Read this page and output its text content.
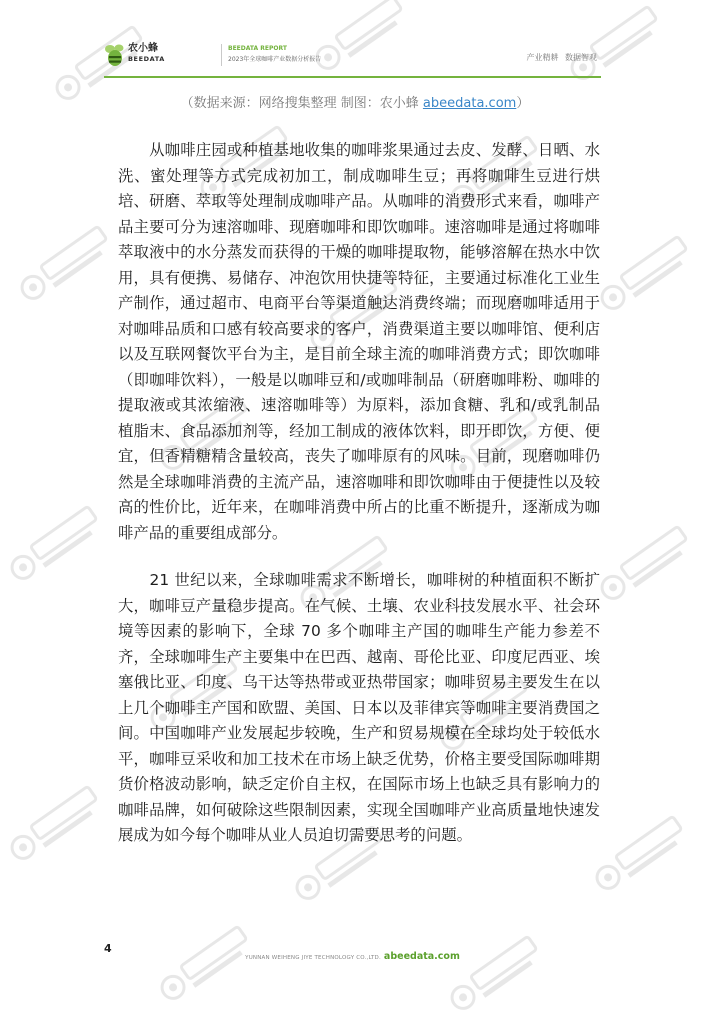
农小蜂
BEEDATA
BEEDATA REPORT
2023年全球咖啡产业数据分析报告	产业精耕 数据智观
（数据来源：网络搜集整理 制图：农小蜂 abeedata.com）

　　从咖啡庄园或种植基地收集的咖啡浆果通过去皮、发酵、日晒、水洗、蜜处理等方式完成初加工，制成咖啡生豆；再将咖啡生豆进行烘培、研磨、萃取等处理制成咖啡产品。从咖啡的消费形式来看，咖啡产品主要可分为速溶咖啡、现磨咖啡和即饮咖啡。速溶咖啡是通过将咖啡萃取液中的水分蒸发而获得的干燥的咖啡提取物，能够溶解在热水中饮用，具有便携、易储存、冲泡饮用快捷等特征，主要通过标准化工业生产制作，通过超市、电商平台等渠道触达消费终端；而现磨咖啡适用于对咖啡品质和口感有较高要求的客户，消费渠道主要以咖啡馆、便利店以及互联网餐饮平台为主，是目前全球主流的咖啡消费方式；即饮咖啡（即咖啡饮料），一般是以咖啡豆和/或咖啡制品（研磨咖啡粉、咖啡的提取液或其浓缩液、速溶咖啡等）为原料，添加食糖、乳和/或乳制品植脂末、食品添加剂等，经加工制成的液体饮料，即开即饮，方便、便宜，但香精糖精含量较高，丧失了咖啡原有的风味。目前，现磨咖啡仍然是全球咖啡消费的主流产品，速溶咖啡和即饮咖啡由于便捷性以及较高的性价比，近年来，在咖啡消费中所占的比重不断提升，逐渐成为咖啡产品的重要组成部分。

　　21 世纪以来，全球咖啡需求不断增长，咖啡树的种植面积不断扩大，咖啡豆产量稳步提高。在气候、土壤、农业科技发展水平、社会环境等因素的影响下，全球 70 多个咖啡主产国的咖啡生产能力参差不齐，全球咖啡生产主要集中在巴西、越南、哥伦比亚、印度尼西亚、埃塞俄比亚、印度、乌干达等热带或亚热带国家；咖啡贸易主要发生在以上几个咖啡主产国和欧盟、美国、日本以及菲律宾等咖啡主要消费国之间。中国咖啡产业发展起步较晚，生产和贸易规模在全球均处于较低水平，咖啡豆采收和加工技术在市场上缺乏优势，价格主要受国际咖啡期货价格波动影响，缺乏定价自主权，在国际市场上也缺乏具有影响力的咖啡品牌，如何破除这些限制因素，实现全国咖啡产业高质量地快速发展成为如今每个咖啡从业人员迫切需要思考的问题。

4
YUNNAN WEIHENG JIYE TECHNOLOGY CO.,LTD. abeedata.com
